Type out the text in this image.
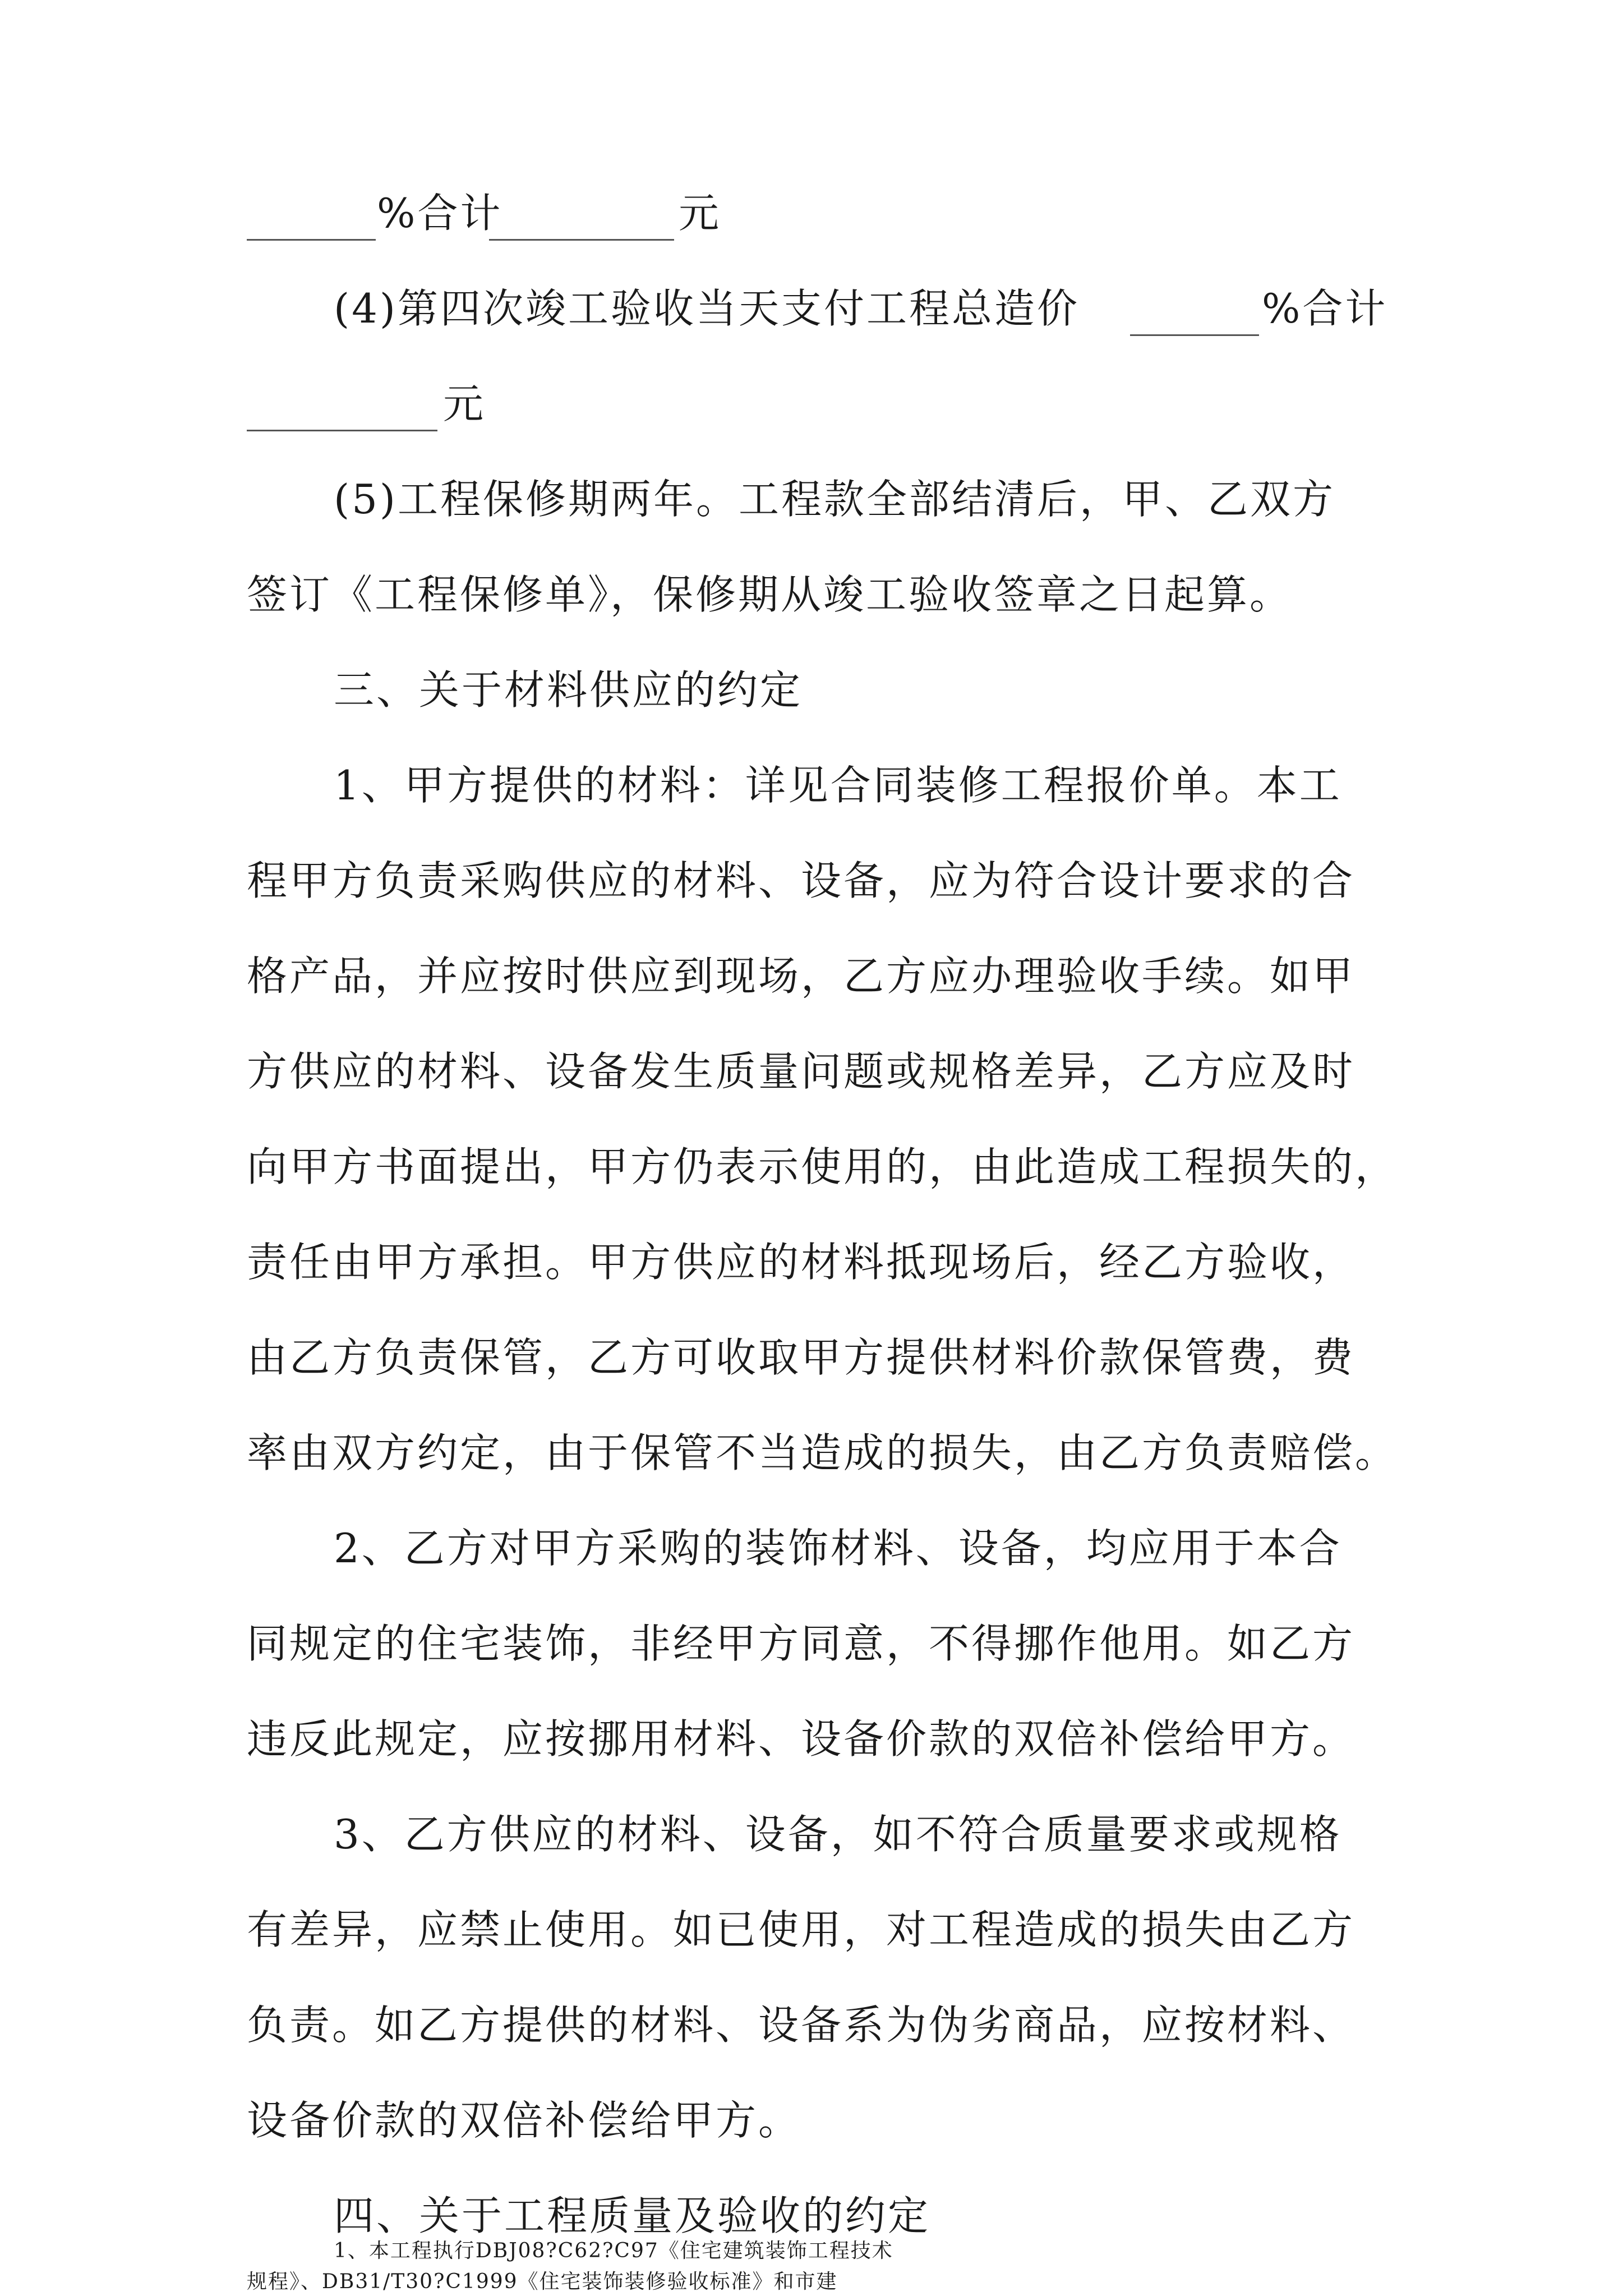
%合计	元
(4)第四次竣工验收当天支付工程总造价	%合计
元
(5)工程保修期两年。工程款全部结清后，甲、乙双方
签订《工程保修单》，保修期从竣工验收签章之日起算。
三、关于材料供应的约定
1、甲方提供的材料：详见合同装修工程报价单。本工
程甲方负责采购供应的材料、设备，应为符合设计要求的合
格产品，并应按时供应到现场，乙方应办理验收手续。如甲
方供应的材料、设备发生质量问题或规格差异，乙方应及时
向甲方书面提出，甲方仍表示使用的，由此造成工程损失的，
责任由甲方承担。甲方供应的材料抵现场后，经乙方验收，
由乙方负责保管，乙方可收取甲方提供材料价款保管费，费
率由双方约定，由于保管不当造成的损失，由乙方负责赔偿。
2、乙方对甲方采购的装饰材料、设备，均应用于本合
同规定的住宅装饰，非经甲方同意，不得挪作他用。如乙方
违反此规定，应按挪用材料、设备价款的双倍补偿给甲方。
3、乙方供应的材料、设备，如不符合质量要求或规格
有差异，应禁止使用。如已使用，对工程造成的损失由乙方
负责。如乙方提供的材料、设备系为伪劣商品，应按材料、
设备价款的双倍补偿给甲方。
四、关于工程质量及验收的约定
1、本工程执行DBJ08?C62?C97《住宅建筑装饰工程技术
规程》、DB31/T30?C1999《住宅装饰装修验收标准》和市建
